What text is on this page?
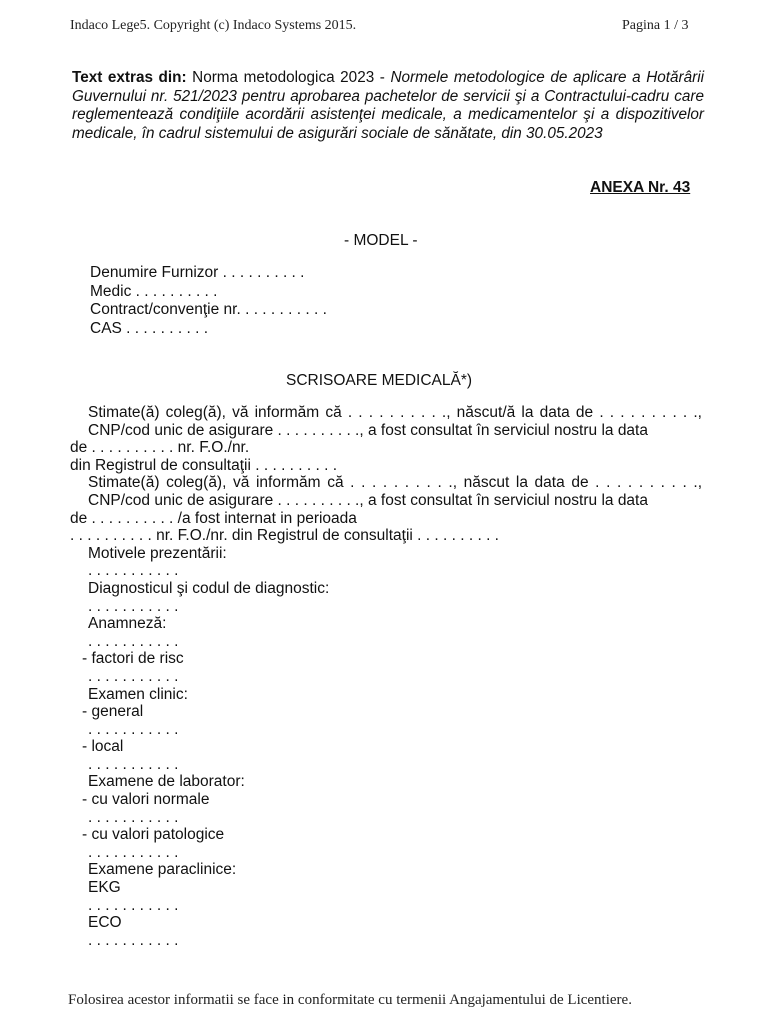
Indaco Lege5. Copyright (c) Indaco Systems 2015.	Pagina 1 / 3
Text extras din: Norma metodologica 2023 - Normele metodologice de aplicare a Hotărârii Guvernului nr. 521/2023 pentru aprobarea pachetelor de servicii şi a Contractului-cadru care reglementează condiţiile acordării asistenţei medicale, a medicamentelor şi a dispozitivelor medicale, în cadrul sistemului de asigurări sociale de sănătate, din 30.05.2023
ANEXA Nr. 43
- MODEL -
Denumire Furnizor . . . . . . . . . .
Medic . . . . . . . . . .
Contract/convenţie nr. . . . . . . . . . .
CAS . . . . . . . . . .
SCRISOARE MEDICALĂ*)
Stimate(ă) coleg(ă), vă informăm că . . . . . . . . . ., născut/ă la data de . . . . . . . . . ., CNP/cod unic de asigurare . . . . . . . . . ., a fost consultat în serviciul nostru la data
de . . . . . . . . . . nr. F.O./nr.
din Registrul de consultaţii . . . . . . . . . .
Stimate(ă) coleg(ă), vă informăm că . . . . . . . . . ., născut la data de . . . . . . . . . ., CNP/cod unic de asigurare . . . . . . . . . ., a fost consultat în serviciul nostru la data
de . . . . . . . . . . /a fost internat in perioada
. . . . . . . . . . nr. F.O./nr. din Registrul de consultaţii . . . . . . . . . .
Motivele prezentării:
. . . . . . . . . . .
Diagnosticul şi codul de diagnostic:
. . . . . . . . . . .
Anamneză:
. . . . . . . . . . .
- factori de risc
. . . . . . . . . . .
Examen clinic:
- general
. . . . . . . . . . .
- local
. . . . . . . . . . .
Examene de laborator:
- cu valori normale
. . . . . . . . . . .
- cu valori patologice
. . . . . . . . . . .
Examene paraclinice:
EKG
. . . . . . . . . . .
ECO
. . . . . . . . . . .
Folosirea acestor informatii se face in conformitate cu termenii Angajamentului de Licentiere.
